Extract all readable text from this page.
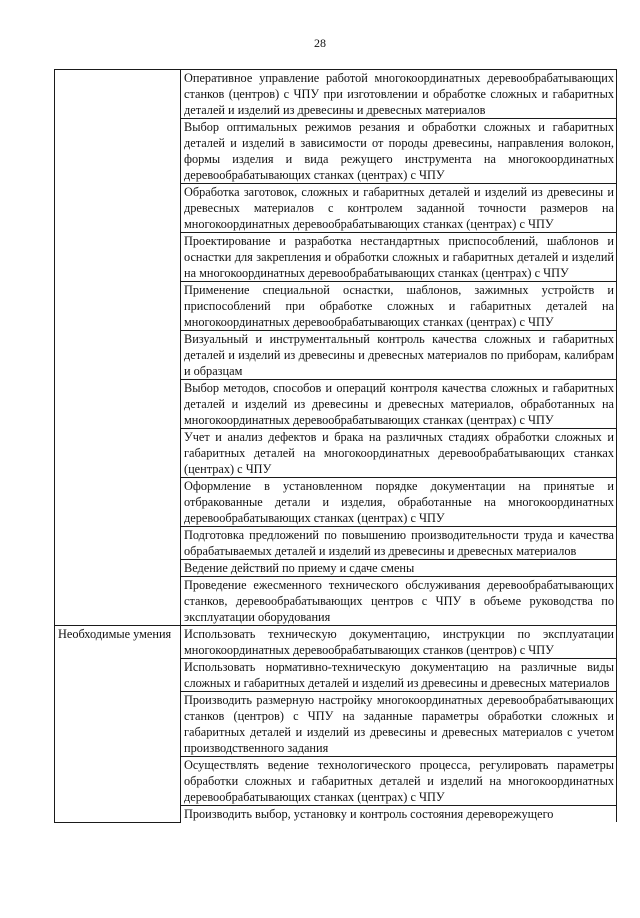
28
	Оперативное управление работой многокоординатных деревообрабатывающих станков (центров) с ЧПУ при изготовлении и обработке сложных и габаритных деталей и изделий из древесины и древесных материалов
	Выбор оптимальных режимов резания и обработки сложных и габаритных деталей и изделий в зависимости от породы древесины, направления волокон, формы изделия и вида режущего инструмента на многокоординатных деревообрабатывающих станках (центрах) с ЧПУ
	Обработка заготовок, сложных и габаритных деталей и изделий из древесины и древесных материалов с контролем заданной точности размеров на многокоординатных деревообрабатывающих станках (центрах) с ЧПУ
	Проектирование и разработка нестандартных приспособлений, шаблонов и оснастки для закрепления и обработки сложных и габаритных деталей и изделий на многокоординатных деревообрабатывающих станках (центрах) с ЧПУ
	Применение специальной оснастки, шаблонов, зажимных устройств и приспособлений при обработке сложных и габаритных деталей на многокоординатных деревообрабатывающих станках (центрах) с ЧПУ
	Визуальный и инструментальный контроль качества сложных и габаритных деталей и изделий из древесины и древесных материалов по приборам, калибрам и образцам
	Выбор методов, способов и операций контроля качества сложных и габаритных деталей и изделий из древесины и древесных материалов, обработанных на многокоординатных деревообрабатывающих станках (центрах) с ЧПУ
	Учет и анализ дефектов и брака на различных стадиях обработки сложных и габаритных деталей на многокоординатных деревообрабатывающих станках (центрах) с ЧПУ
	Оформление в установленном порядке документации на принятые и отбракованные детали и изделия, обработанные на многокоординатных деревообрабатывающих станках (центрах) с ЧПУ
	Подготовка предложений по повышению производительности труда и качества обрабатываемых деталей и изделий из древесины и древесных материалов
	Ведение действий по приему и сдаче смены
	Проведение ежесменного технического обслуживания деревообрабатывающих станков, деревообрабатывающих центров с ЧПУ в объеме руководства по эксплуатации оборудования
Необходимые умения	Использовать техническую документацию, инструкции по эксплуатации многокоординатных деревообрабатывающих станков (центров) с ЧПУ
	Использовать нормативно-техническую документацию на различные виды сложных и габаритных деталей и изделий из древесины и древесных материалов
	Производить размерную настройку многокоординатных деревообрабатывающих станков (центров) с ЧПУ на заданные параметры обработки сложных и габаритных деталей и изделий из древесины и древесных материалов с учетом производственного задания
	Осуществлять ведение технологического процесса, регулировать параметры обработки сложных и габаритных деталей и изделий на многокоординатных деревообрабатывающих станках (центрах) с ЧПУ
	Производить выбор, установку и контроль состояния дереворежущего
